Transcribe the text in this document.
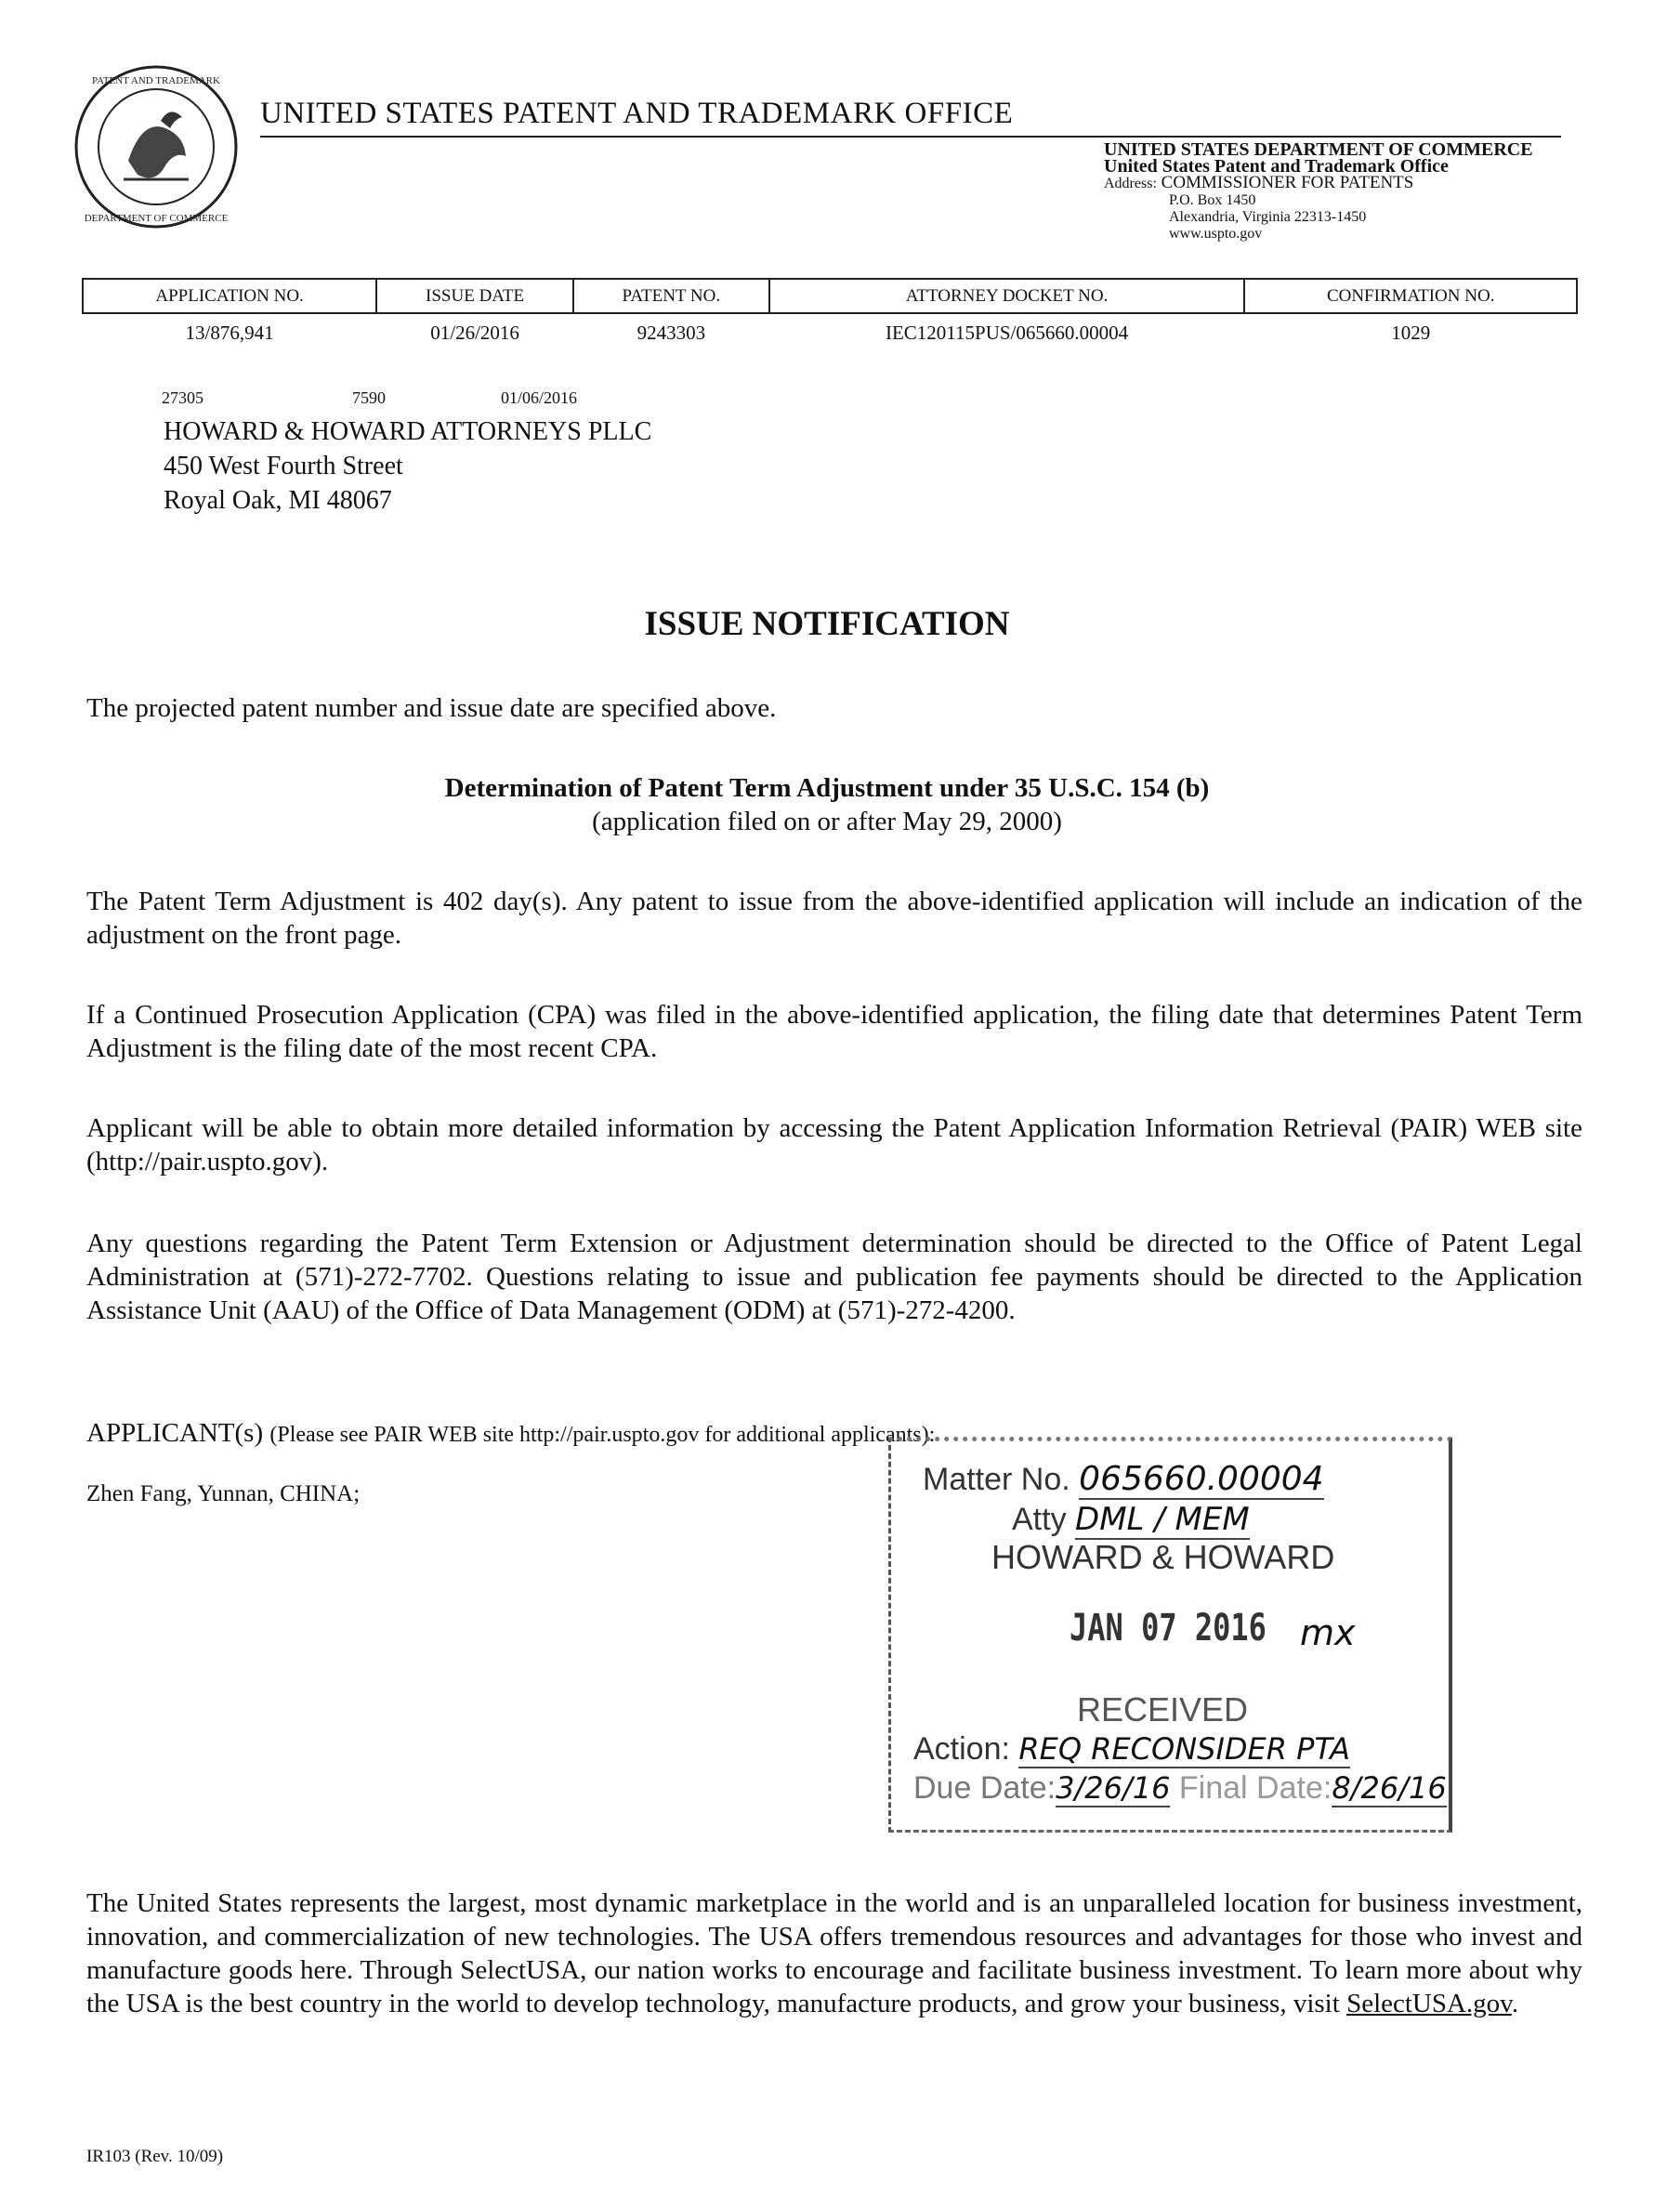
PATENT AND TRADEMARK
DEPARTMENT OF COMMERCE
UNITED STATES PATENT AND TRADEMARK OFFICE
UNITED STATES DEPARTMENT OF COMMERCE
United States Patent and Trademark Office
Address: COMMISSIONER FOR PATENTS
P.O. Box 1450
Alexandria, Virginia 22313-1450
www.uspto.gov
APPLICATION NO.	ISSUE DATE	PATENT NO.	ATTORNEY DOCKET NO.	CONFIRMATION NO.
13/876,941	01/26/2016	9243303	IEC120115PUS/065660.00004	1029
27305	7590	01/06/2016
HOWARD & HOWARD ATTORNEYS PLLC
450 West Fourth Street
Royal Oak, MI 48067
ISSUE NOTIFICATION
The projected patent number and issue date are specified above.
Determination of Patent Term Adjustment under 35 U.S.C. 154 (b)
(application filed on or after May 29, 2000)
The Patent Term Adjustment is 402 day(s). Any patent to issue from the above-identified application will include an indication of the adjustment on the front page.
If a Continued Prosecution Application (CPA) was filed in the above-identified application, the filing date that determines Patent Term Adjustment is the filing date of the most recent CPA.
Applicant will be able to obtain more detailed information by accessing the Patent Application Information Retrieval (PAIR) WEB site (http://pair.uspto.gov).
Any questions regarding the Patent Term Extension or Adjustment determination should be directed to the Office of Patent Legal Administration at (571)-272-7702. Questions relating to issue and publication fee payments should be directed to the Application Assistance Unit (AAU) of the Office of Data Management (ODM) at (571)-272-4200.
APPLICANT(s) (Please see PAIR WEB site http://pair.uspto.gov for additional applicants):
Zhen Fang, Yunnan, CHINA;	Matter No. 065660.00004
Atty DML / MEM
HOWARD & HOWARD
JAN 07 2016 mx
RECEIVED
Action: REQ RECONSIDER PTA
Due Date:3/26/16 Final Date:8/26/16
The United States represents the largest, most dynamic marketplace in the world and is an unparalleled location for business investment, innovation, and commercialization of new technologies. The USA offers tremendous resources and advantages for those who invest and manufacture goods here. Through SelectUSA, our nation works to encourage and facilitate business investment. To learn more about why the USA is the best country in the world to develop technology, manufacture products, and grow your business, visit SelectUSA.gov.
IR103 (Rev. 10/09)
